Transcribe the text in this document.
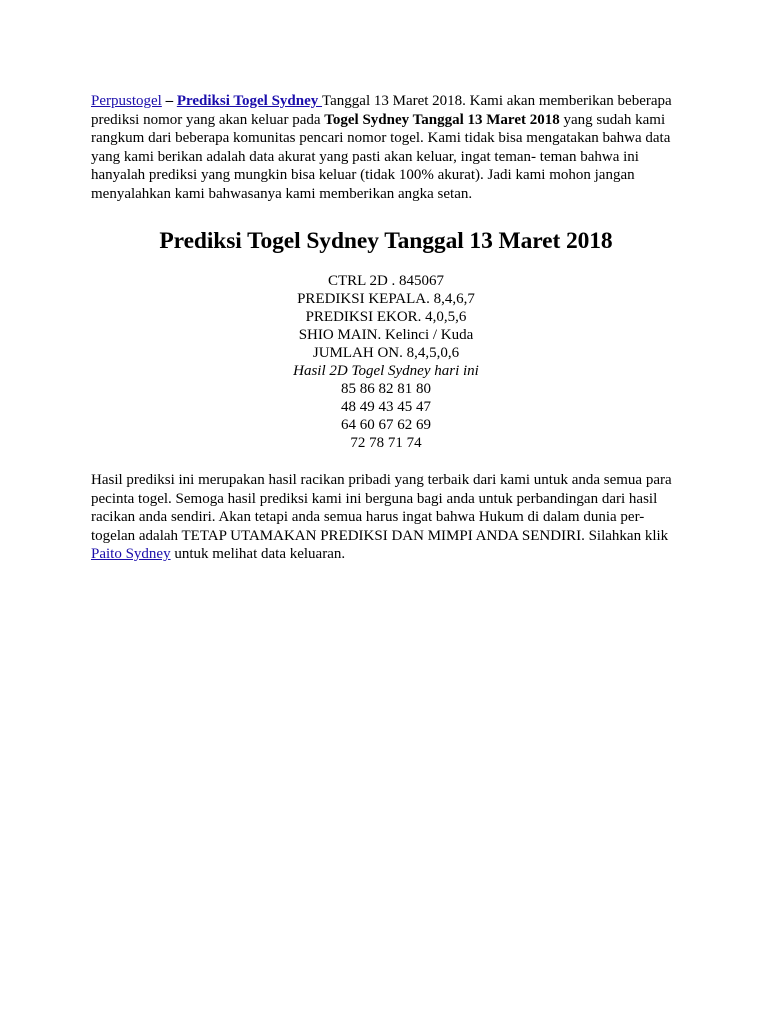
Perpustogel – Prediksi Togel Sydney Tanggal 13 Maret 2018. Kami akan memberikan beberapa prediksi nomor yang akan keluar pada Togel Sydney Tanggal 13 Maret 2018 yang sudah kami rangkum dari beberapa komunitas pencari nomor togel. Kami tidak bisa mengatakan bahwa data yang kami berikan adalah data akurat yang pasti akan keluar, ingat teman- teman bahwa ini hanyalah prediksi yang mungkin bisa keluar (tidak 100% akurat). Jadi kami mohon jangan menyalahkan kami bahwasanya kami memberikan angka setan.

Prediksi Togel Sydney Tanggal 13 Maret 2018
CTRL 2D . 845067
PREDIKSI KEPALA. 8,4,6,7
PREDIKSI EKOR. 4,0,5,6
SHIO MAIN. Kelinci / Kuda
JUMLAH ON. 8,4,5,0,6
Hasil 2D Togel Sydney hari ini
85 86 82 81 80
48 49 43 45 47
64 60 67 62 69
72 78 71 74

Hasil prediksi ini merupakan hasil racikan pribadi yang terbaik dari kami untuk anda semua para pecinta togel. Semoga hasil prediksi kami ini berguna bagi anda untuk perbandingan dari hasil racikan anda sendiri. Akan tetapi anda semua harus ingat bahwa Hukum di dalam dunia per-togelan adalah TETAP UTAMAKAN PREDIKSI DAN MIMPI ANDA SENDIRI. Silahkan klik Paito Sydney untuk melihat data keluaran.
